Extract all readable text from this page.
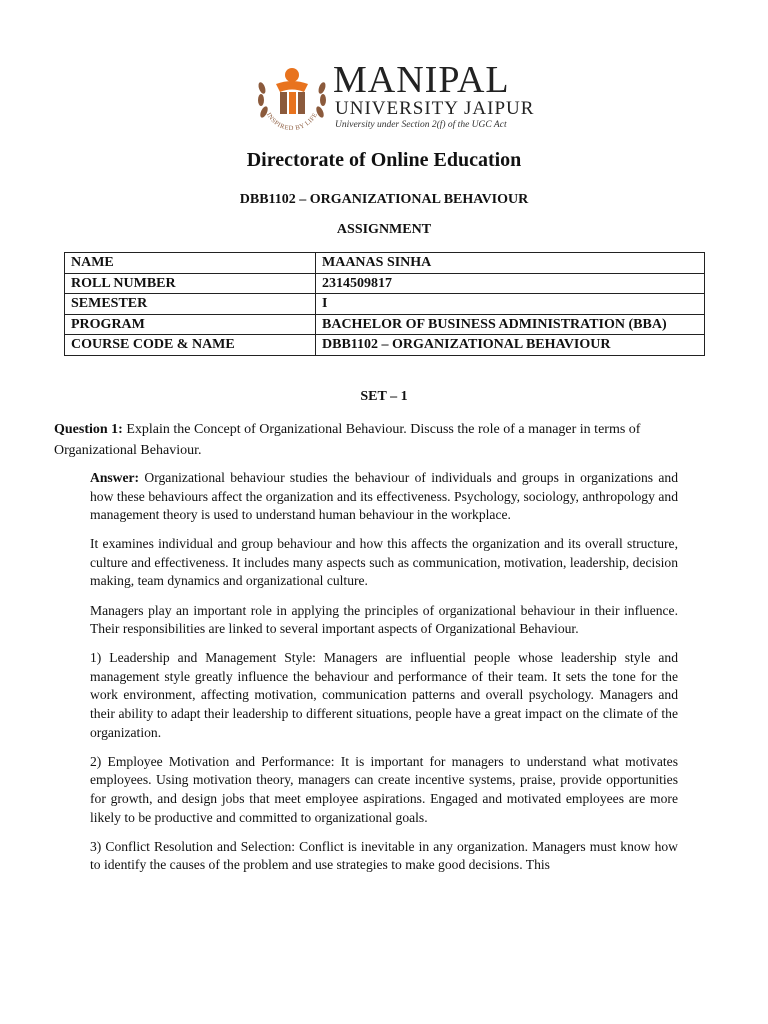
INSPIRED BY LIFE
MANIPAL
UNIVERSITY JAIPUR
University under Section 2(f) of the UGC Act
Directorate of Online Education
DBB1102 – ORGANIZATIONAL BEHAVIOUR
ASSIGNMENT
NAME	MAANAS SINHA
ROLL NUMBER	2314509817
SEMESTER	I
PROGRAM	BACHELOR OF BUSINESS ADMINISTRATION (BBA)
COURSE CODE & NAME	DBB1102 – ORGANIZATIONAL BEHAVIOUR
SET – 1

Question 1: Explain the Concept of Organizational Behaviour. Discuss the role of a manager in terms of Organizational Behaviour.

Answer: Organizational behaviour studies the behaviour of individuals and groups in organizations and how these behaviours affect the organization and its effectiveness. Psychology, sociology, anthropology and management theory is used to understand human behaviour in the workplace.

It examines individual and group behaviour and how this affects the organization and its overall structure, culture and effectiveness. It includes many aspects such as communication, motivation, leadership, decision making, team dynamics and organizational culture.

Managers play an important role in applying the principles of organizational behaviour in their influence. Their responsibilities are linked to several important aspects of Organizational Behaviour.

1) Leadership and Management Style: Managers are influential people whose leadership style and management style greatly influence the behaviour and performance of their team. It sets the tone for the work environment, affecting motivation, communication patterns and overall psychology. Managers and their ability to adapt their leadership to different situations, people have a great impact on the climate of the organization.

2) Employee Motivation and Performance: It is important for managers to understand what motivates employees. Using motivation theory, managers can create incentive systems, praise, provide opportunities for growth, and design jobs that meet employee aspirations. Engaged and motivated employees are more likely to be productive and committed to organizational goals.

3) Conflict Resolution and Selection: Conflict is inevitable in any organization. Managers must know how to identify the causes of the problem and use strategies to make good decisions. This
